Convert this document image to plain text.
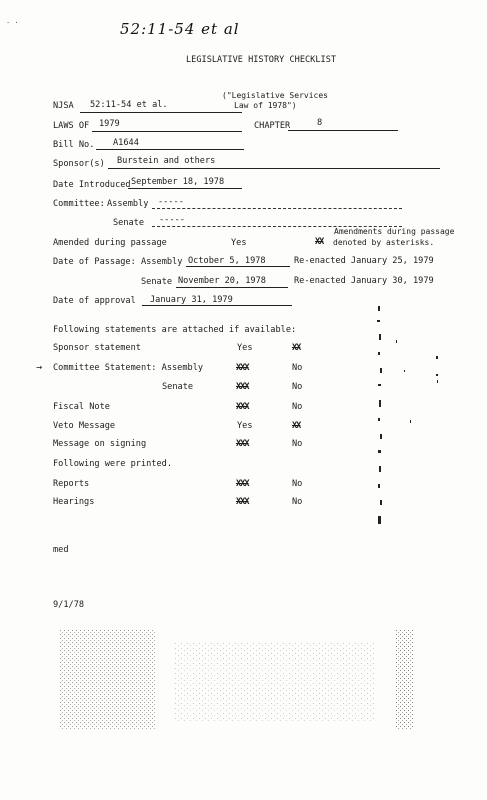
52:11-54 et al
· ·
LEGISLATIVE HISTORY CHECKLIST
("Legislative Services
Law of 1978")
NJSA 52:11-54 et al.
LAWS OF 1979	CHAPTER	8
Bill No. A1644
Sponsor(s) Burstein and others
Date Introduced September 18, 1978
Committee: Assembly -----
Senate -----
Amendments during passage
Amended during passage	Yes	XX denoted by asterisks.
Date of Passage: Assembly October 5, 1978	Re-enacted January 25, 1979
Senate November 20, 1978	Re-enacted January 30, 1979
Date of approval January 31, 1979
Following statements are attached if available:
Sponsor statement	Yes	XX
→ Committee Statement: Assembly	XXX	No
Senate	XXX	No
Fiscal Note	XXX	No
Veto Message	Yes	XX
Message on signing	XXX	No
Following were printed.
Reports	XXX	No
Hearings	XXX	No
med
9/1/78
